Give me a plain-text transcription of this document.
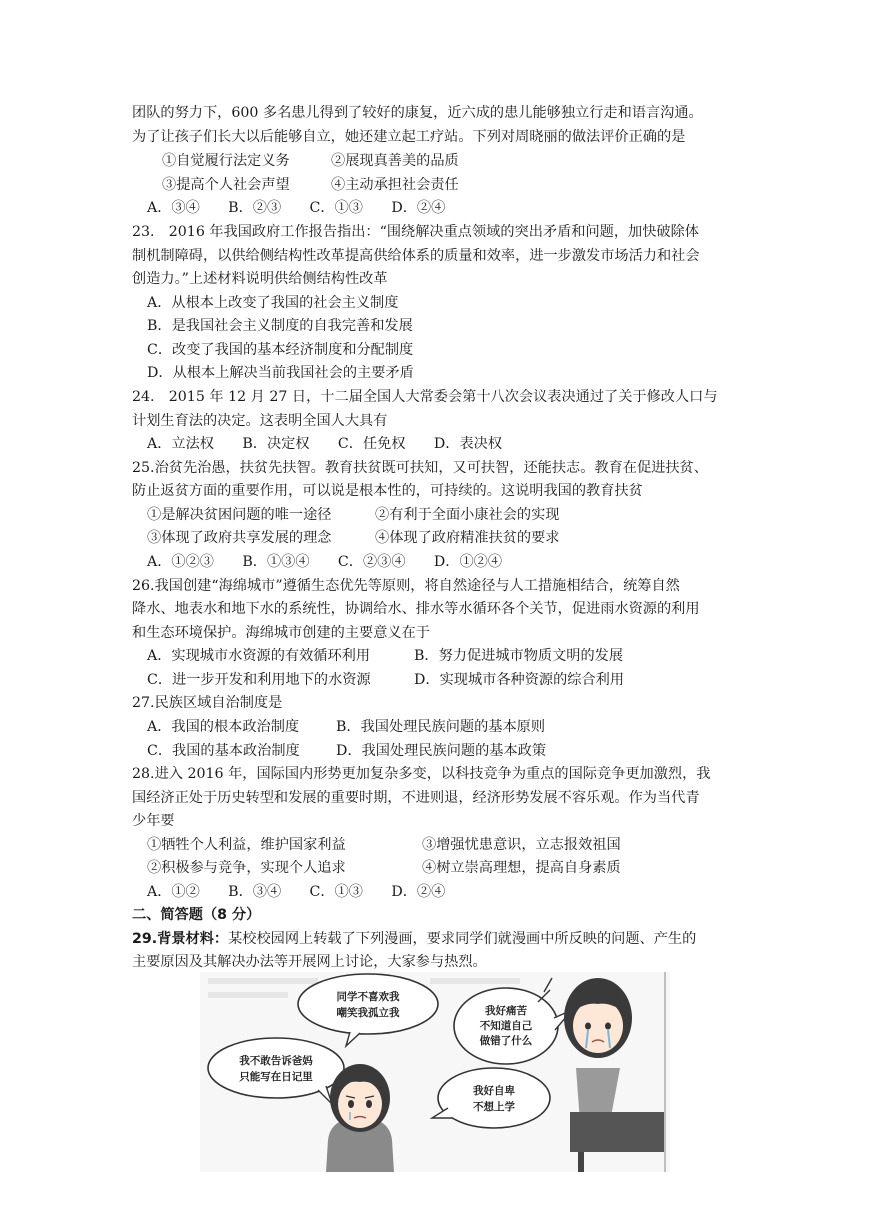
团队的努力下，600 多名患儿得到了较好的康复，近六成的患儿能够独立行走和语言沟通。
为了让孩子们长大以后能够自立，她还建立起工疗站。下列对周晓丽的做法评价正确的是
①自觉履行法定义务	②展现真善美的品质
③提高个人社会声望	④主动承担社会责任
A．③④　　B．②③　　C．①③　　D．②④
23.　2016 年我国政府工作报告指出：“围绕解决重点领域的突出矛盾和问题，加快破除体
制机制障碍，以供给侧结构性改革提高供给体系的质量和效率，进一步激发市场活力和社会
创造力。”上述材料说明供给侧结构性改革
A．从根本上改变了我国的社会主义制度
B．是我国社会主义制度的自我完善和发展
C．改变了我国的基本经济制度和分配制度
D．从根本上解决当前我国社会的主要矛盾
24.　2015 年 12 月 27 日，十二届全国人大常委会第十八次会议表决通过了关于修改人口与
计划生育法的决定。这表明全国人大具有
A．立法权　　B．决定权　　C．任免权　　D．表决权
25.治贫先治愚，扶贫先扶智。教育扶贫既可扶知，又可扶智，还能扶志。教育在促进扶贫、
防止返贫方面的重要作用，可以说是根本性的，可持续的。这说明我国的教育扶贫
①是解决贫困问题的唯一途径	②有利于全面小康社会的实现
③体现了政府共享发展的理念	④体现了政府精准扶贫的要求
A．①②③　　B．①③④　　C．②③④　　D．①②④
26.我国创建“海绵城市”遵循生态优先等原则，将自然途径与人工措施相结合，统筹自然
降水、地表水和地下水的系统性，协调给水、排水等水循环各个关节，促进雨水资源的利用
和生态环境保护。海绵城市创建的主要意义在于
A．实现城市水资源的有效循环利用	B．努力促进城市物质文明的发展
C．进一步开发和利用地下的水资源	D．实现城市各种资源的综合利用
27.民族区域自治制度是
A．我国的根本政治制度	B．我国处理民族问题的基本原则
C．我国的基本政治制度	D．我国处理民族问题的基本政策
28.进入 2016 年，国际国内形势更加复杂多变，以科技竞争为重点的国际竞争更加激烈，我
国经济正处于历史转型和发展的重要时期，不进则退，经济形势发展不容乐观。作为当代青
少年要
①牺牲个人利益，维护国家利益	③增强忧患意识，立志报效祖国
②积极参与竞争，实现个人追求	④树立崇高理想，提高自身素质
A．①②　　B．③④　　C．①③　　D．②④
二、简答题（8 分）
29.背景材料：某校校园网上转载了下列漫画，要求同学们就漫画中所反映的问题、产生的
主要原因及其解决办法等开展网上讨论，大家参与热烈。
同学不喜欢我
嘲笑我孤立我	我好痛苦
不知道自己
做错了什么
我不敢告诉爸妈
只能写在日记里
我好自卑
不想上学
